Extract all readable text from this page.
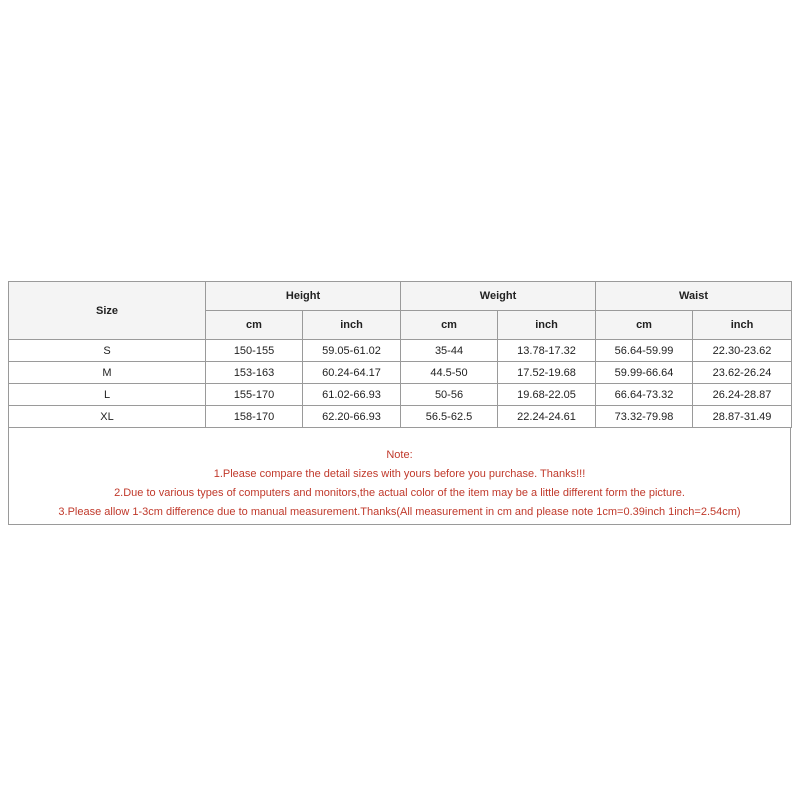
Size	Height		Weight		Waist	
	cm	inch	cm	inch	cm	inch
S	150-155	59.05-61.02	35-44	13.78-17.32	56.64-59.99	22.30-23.62
M	153-163	60.24-64.17	44.5-50	17.52-19.68	59.99-66.64	23.62-26.24
L	155-170	61.02-66.93	50-56	19.68-22.05	66.64-73.32	26.24-28.87
XL	158-170	62.20-66.93	56.5-62.5	22.24-24.61	73.32-79.98	28.87-31.49
Note:
1.Please compare the detail sizes with yours before you purchase. Thanks!!!
2.Due to various types of computers and monitors,the actual color of the item may be a little different form the picture.
3.Please allow 1-3cm difference due to manual measurement.Thanks(All measurement in cm and please note 1cm=0.39inch 1inch=2.54cm)
